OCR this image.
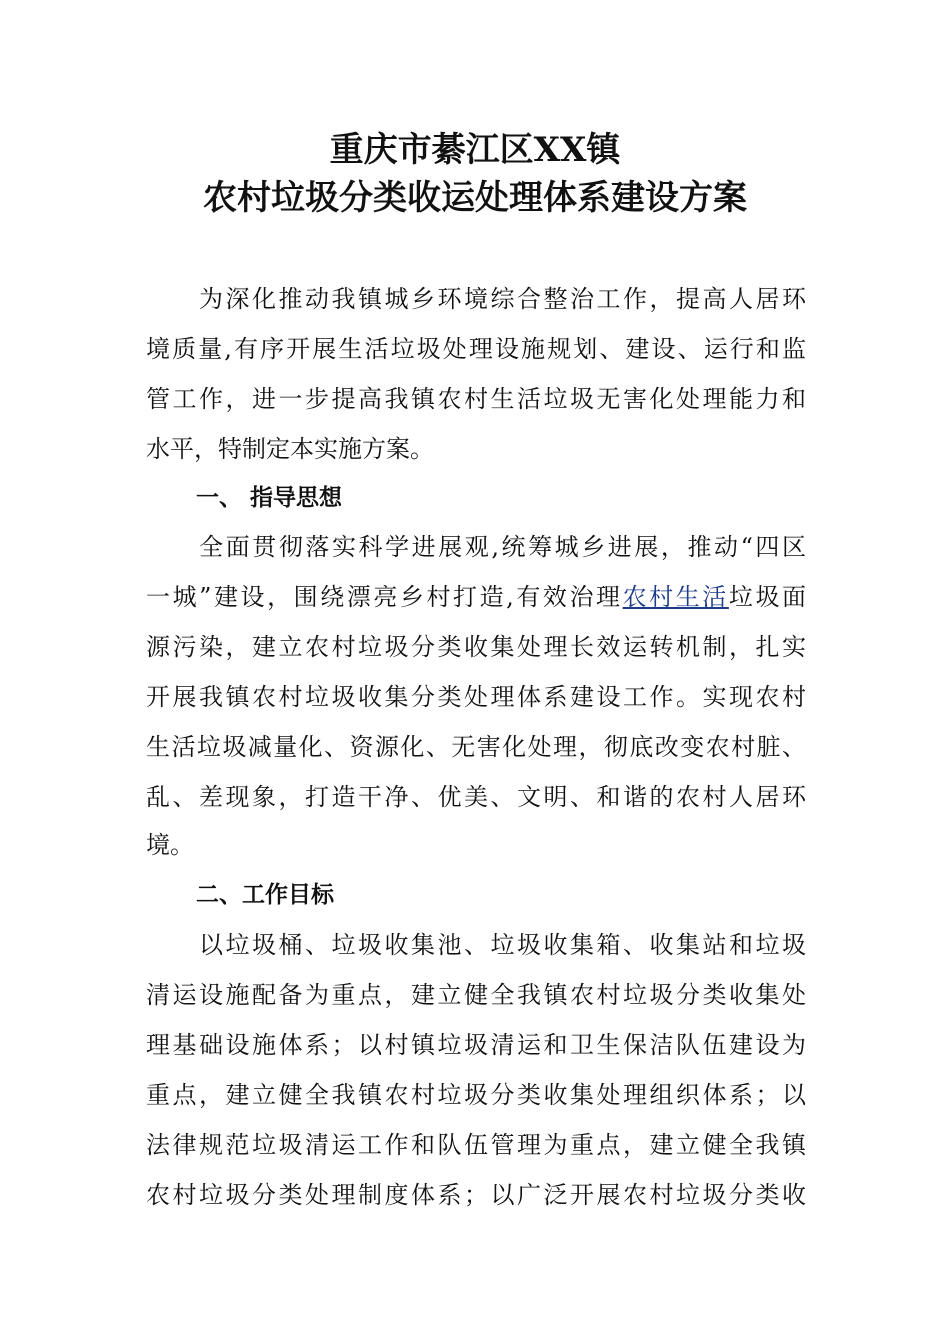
重庆市綦江区XX镇
农村垃圾分类收运处理体系建设方案
　　为深化推动我镇城乡环境综合整治工作，提高人居环
境质量,有序开展生活垃圾处理设施规划、建设、运行和监
管工作，进一步提高我镇农村生活垃圾无害化处理能力和
水平，特制定本实施方案。
一、 指导思想
　　全面贯彻落实科学进展观,统筹城乡进展，推动“四区
一城”建设，围绕漂亮乡村打造,有效治理农村生活垃圾面
源污染，建立农村垃圾分类收集处理长效运转机制，扎实
开展我镇农村垃圾收集分类处理体系建设工作。实现农村
生活垃圾减量化、资源化、无害化处理，彻底改变农村脏、
乱、差现象，打造干净、优美、文明、和谐的农村人居环
境。
二、工作目标
　　以垃圾桶、垃圾收集池、垃圾收集箱、收集站和垃圾
清运设施配备为重点，建立健全我镇农村垃圾分类收集处
理基础设施体系；以村镇垃圾清运和卫生保洁队伍建设为
重点，建立健全我镇农村垃圾分类收集处理组织体系；以
法律规范垃圾清运工作和队伍管理为重点，建立健全我镇
农村垃圾分类处理制度体系；以广泛开展农村垃圾分类收
